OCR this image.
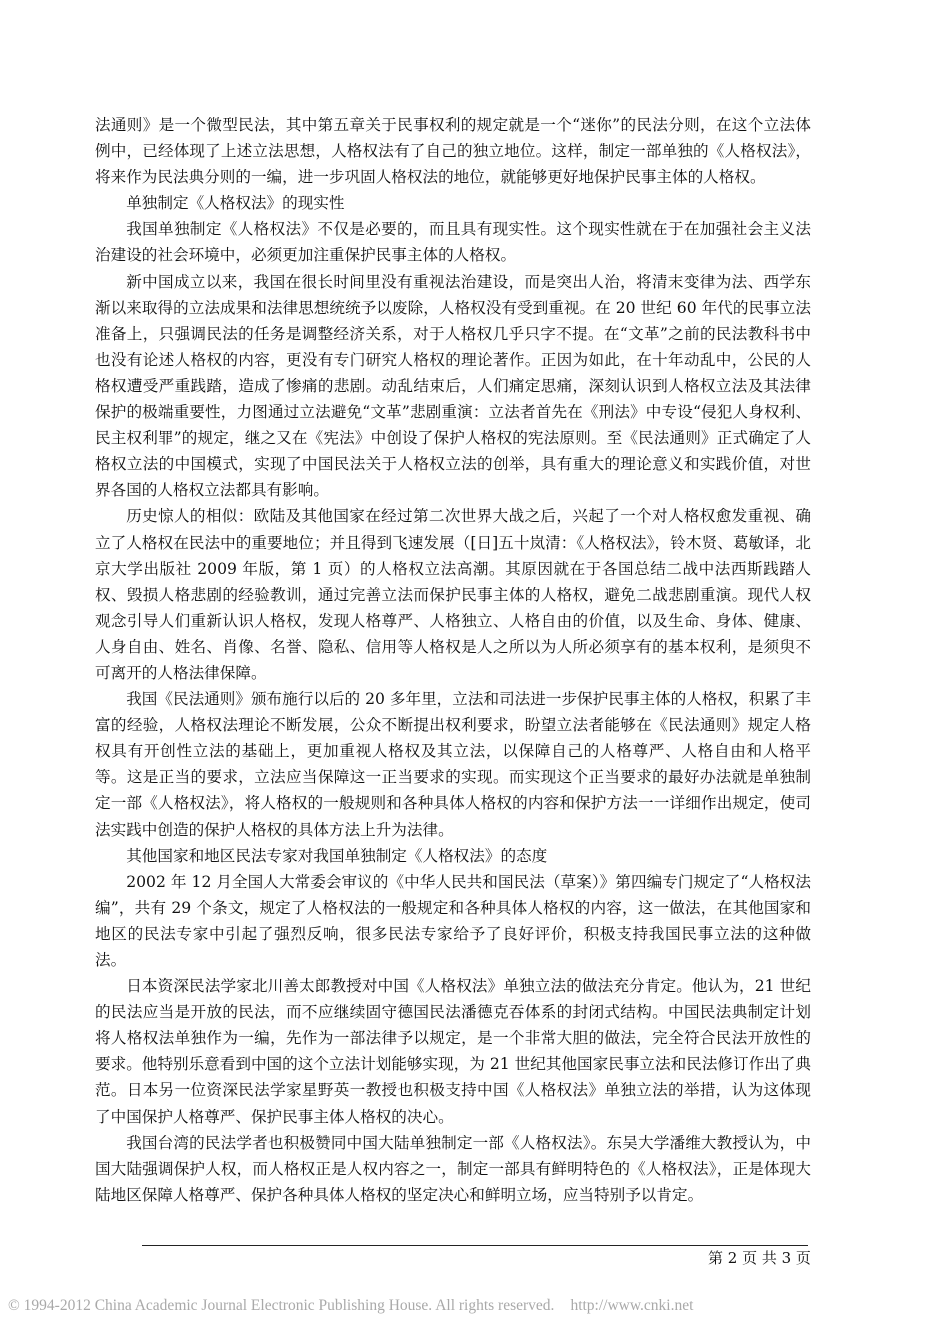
法通则》是一个微型民法，其中第五章关于民事权利的规定就是一个“迷你”的民法分则，在这个立法体例中，已经体现了上述立法思想，人格权法有了自己的独立地位。这样，制定一部单独的《人格权法》，将来作为民法典分则的一编，进一步巩固人格权法的地位，就能够更好地保护民事主体的人格权。

单独制定《人格权法》的现实性

我国单独制定《人格权法》不仅是必要的，而且具有现实性。这个现实性就在于在加强社会主义法治建设的社会环境中，必须更加注重保护民事主体的人格权。

新中国成立以来，我国在很长时间里没有重视法治建设，而是突出人治，将清末变律为法、西学东渐以来取得的立法成果和法律思想统统予以废除，人格权没有受到重视。在 20 世纪 60 年代的民事立法准备上，只强调民法的任务是调整经济关系，对于人格权几乎只字不提。在“文革”之前的民法教科书中也没有论述人格权的内容，更没有专门研究人格权的理论著作。正因为如此，在十年动乱中，公民的人格权遭受严重践踏，造成了惨痛的悲剧。动乱结束后，人们痛定思痛，深刻认识到人格权立法及其法律保护的极端重要性，力图通过立法避免“文革”悲剧重演：立法者首先在《刑法》中专设“侵犯人身权利、民主权利罪”的规定，继之又在《宪法》中创设了保护人格权的宪法原则。至《民法通则》正式确定了人格权立法的中国模式，实现了中国民法关于人格权立法的创举，具有重大的理论意义和实践价值，对世界各国的人格权立法都具有影响。

历史惊人的相似：欧陆及其他国家在经过第二次世界大战之后，兴起了一个对人格权愈发重视、确立了人格权在民法中的重要地位；并且得到飞速发展（[日]五十岚清：《人格权法》，铃木贤、葛敏译，北京大学出版社 2009 年版，第 1 页）的人格权立法高潮。其原因就在于各国总结二战中法西斯践踏人权、毁损人格悲剧的经验教训，通过完善立法而保护民事主体的人格权，避免二战悲剧重演。现代人权观念引导人们重新认识人格权，发现人格尊严、人格独立、人格自由的价值，以及生命、身体、健康、人身自由、姓名、肖像、名誉、隐私、信用等人格权是人之所以为人所必须享有的基本权利，是须臾不可离开的人格法律保障。

我国《民法通则》颁布施行以后的 20 多年里，立法和司法进一步保护民事主体的人格权，积累了丰富的经验，人格权法理论不断发展，公众不断提出权利要求，盼望立法者能够在《民法通则》规定人格权具有开创性立法的基础上，更加重视人格权及其立法，以保障自己的人格尊严、人格自由和人格平等。这是正当的要求，立法应当保障这一正当要求的实现。而实现这个正当要求的最好办法就是单独制定一部《人格权法》，将人格权的一般规则和各种具体人格权的内容和保护方法一一详细作出规定，使司法实践中创造的保护人格权的具体方法上升为法律。

其他国家和地区民法专家对我国单独制定《人格权法》的态度

2002 年 12 月全国人大常委会审议的《中华人民共和国民法（草案）》第四编专门规定了“人格权法编”，共有 29 个条文，规定了人格权法的一般规定和各种具体人格权的内容，这一做法，在其他国家和地区的民法专家中引起了强烈反响，很多民法专家给予了良好评价，积极支持我国民事立法的这种做法。

日本资深民法学家北川善太郎教授对中国《人格权法》单独立法的做法充分肯定。他认为，21 世纪的民法应当是开放的民法，而不应继续固守德国民法潘德克吞体系的封闭式结构。中国民法典制定计划将人格权法单独作为一编，先作为一部法律予以规定，是一个非常大胆的做法，完全符合民法开放性的要求。他特别乐意看到中国的这个立法计划能够实现，为 21 世纪其他国家民事立法和民法修订作出了典范。日本另一位资深民法学家星野英一教授也积极支持中国《人格权法》单独立法的举措，认为这体现了中国保护人格尊严、保护民事主体人格权的决心。

我国台湾的民法学者也积极赞同中国大陆单独制定一部《人格权法》。东吴大学潘维大教授认为，中国大陆强调保护人权，而人格权正是人权内容之一，制定一部具有鲜明特色的《人格权法》，正是体现大陆地区保障人格尊严、保护各种具体人格权的坚定决心和鲜明立场，应当特别予以肯定。

第 2 页 共 3 页
© 1994-2012 China Academic Journal Electronic Publishing House. All rights reserved. http://www.cnki.net
